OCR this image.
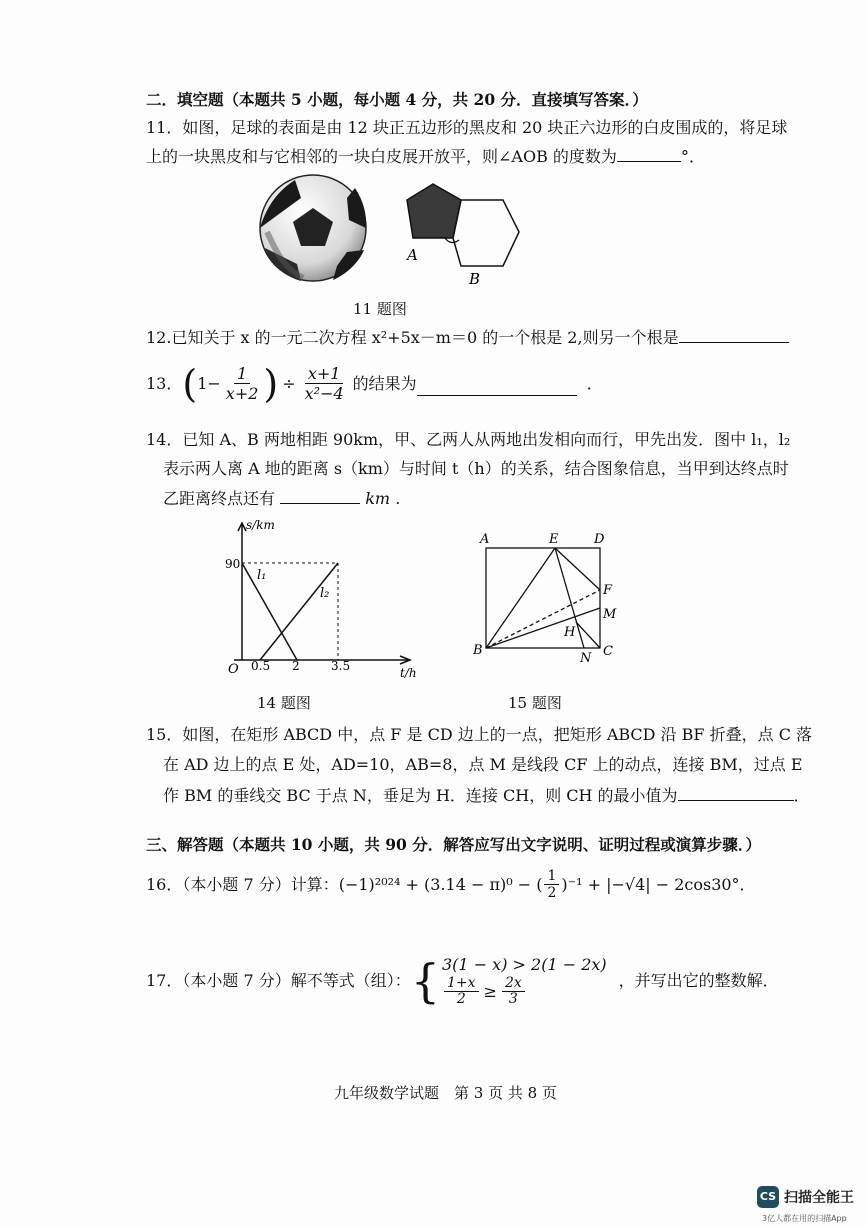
二．填空题（本题共 5 小题，每小题 4 分，共 20 分．直接填写答案．）
11．如图，足球的表面是由 12 块正五边形的黑皮和 20 块正六边形的白皮围成的，将足球
上的一块黑皮和与它相邻的一块白皮展开放平，则∠AOB 的度数为	°．
A
B
11 题图
12.已知关于 x 的一元二次方程 x²+5x－m＝0 的一个根是 2,则另一个根是
13． ( $1- \frac{1}{x+2}$ ) ÷ $\frac{x+1}{\text{x²−4}}$ 的结果为	．
14．已知 A、B 两地相距 90km，甲、乙两人从两地出发相向而行，甲先出发．图中 l₁，l₂
表示两人离 A 地的距离 s（km）与时间 t（h）的关系，结合图象信息，当甲到达终点时
乙距离终点还有	km ．
s/km
t/h
O
90
0.5 2	3.5
l₁
l₂
14 题图
A	E	D
F
M
H
B
N C
15 题图
15．如图，在矩形 ABCD 中，点 F 是 CD 边上的一点，把矩形 ABCD 沿 BF 折叠，点 C 落
在 AD 边上的点 E 处，AD=10，AB=8，点 M 是线段 CF 上的动点，连接 BM，过点 E
作 BM 的垂线交 BC 于点 N，垂足为 H．连接 CH，则 CH 的最小值为	．
三、解答题（本题共 10 小题，共 90 分．解答应写出文字说明、证明过程或演算步骤．）
16．（本小题 7 分）计算：(−1)²⁰²⁴ + (3.14 − π)⁰ − ( $\frac{1}{2} )^{-1} + |-√4| - 2\cos 30^\circ$．
17．（本小题 7 分）解不等式（组）： { 3(1 − x) > 2(1 − 2x)
$\frac{1+x}{2} \ge \frac{2x}{3}$	，并写出它的整数解．
九年级数学试题　第 3 页 共 8 页
CS 扫描全能王
3亿人都在用的扫描App
